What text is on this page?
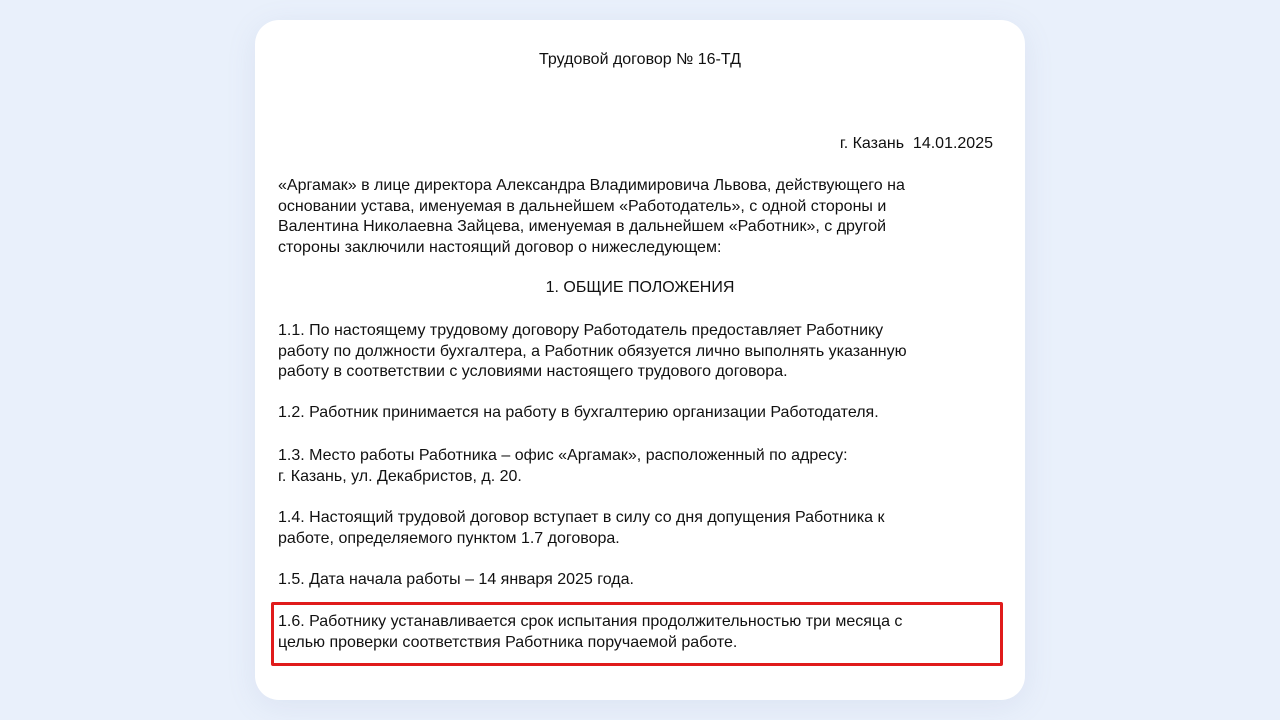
Трудовой договор № 16-ТД
г. Казань  14.01.2025
«Аргамак» в лице директора Александра Владимировича Львова, действующего на
основании устава, именуемая в дальнейшем «Работодатель», с одной стороны и
Валентина Николаевна Зайцева, именуемая в дальнейшем «Работник», с другой
стороны заключили настоящий договор о нижеследующем:
1. ОБЩИЕ ПОЛОЖЕНИЯ
1.1. По настоящему трудовому договору Работодатель предоставляет Работнику
работу по должности бухгалтера, а Работник обязуется лично выполнять указанную
работу в соответствии с условиями настоящего трудового договора.
1.2. Работник принимается на работу в бухгалтерию организации Работодателя.
1.3. Место работы Работника – офис «Аргамак», расположенный по адресу:
г. Казань, ул. Декабристов, д. 20.
1.4. Настоящий трудовой договор вступает в силу со дня допущения Работника к
работе, определяемого пунктом 1.7 договора.
1.5. Дата начала работы – 14 января 2025 года.
1.6. Работнику устанавливается срок испытания продолжительностью три месяца с
целью проверки соответствия Работника поручаемой работе.
